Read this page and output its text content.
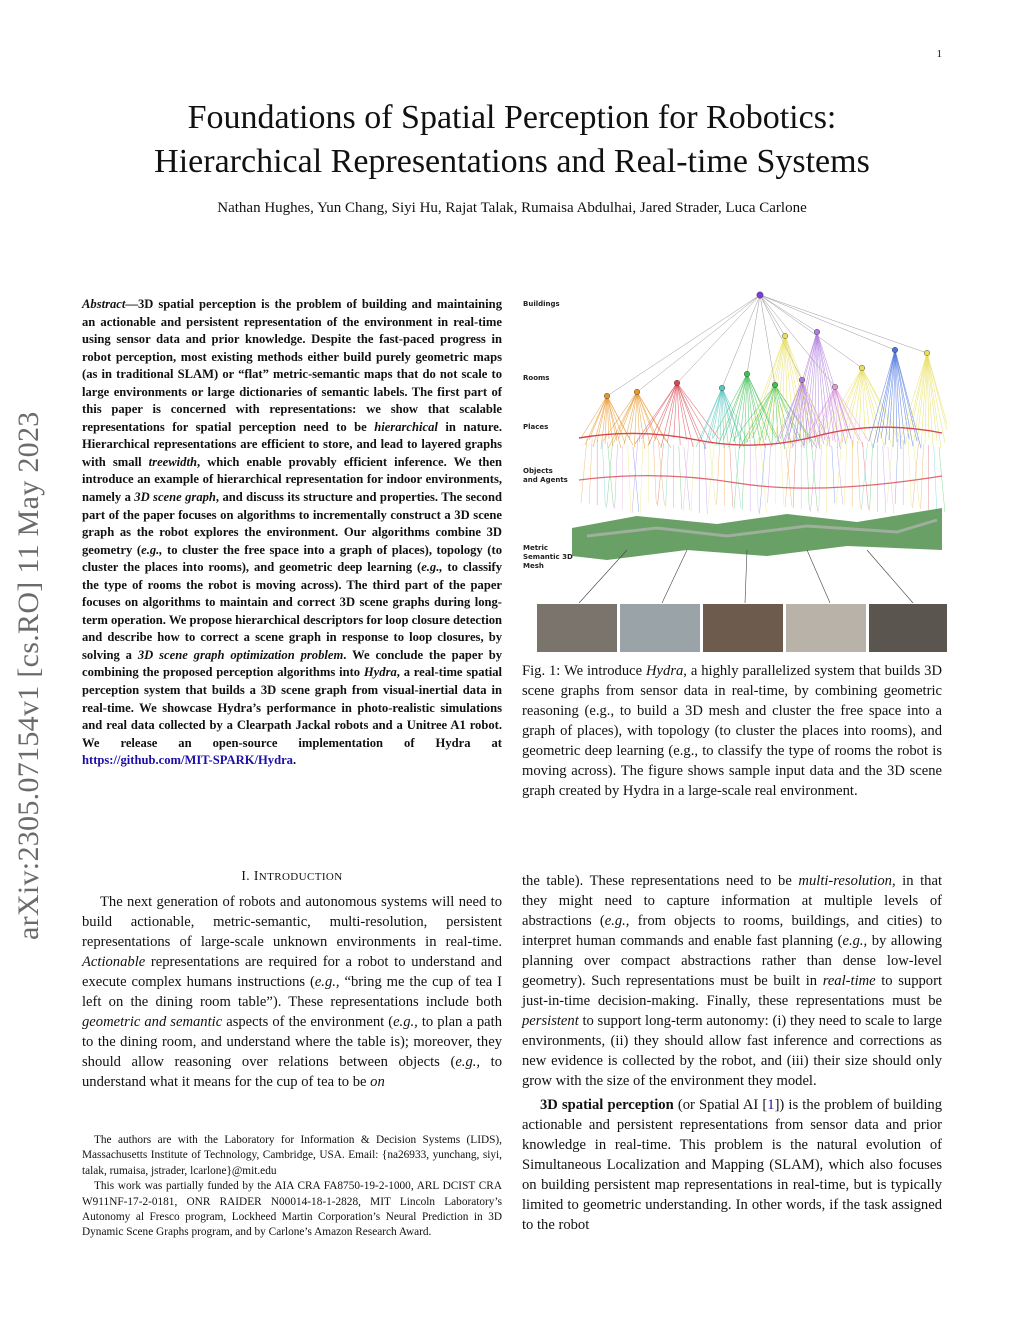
1
arXiv:2305.07154v1 [cs.RO] 11 May 2023
Foundations of Spatial Perception for Robotics:
Hierarchical Representations and Real-time Systems
Nathan Hughes, Yun Chang, Siyi Hu, Rajat Talak, Rumaisa Abdulhai, Jared Strader, Luca Carlone
Abstract—3D spatial perception is the problem of building and maintaining an actionable and persistent representation of the environment in real-time using sensor data and prior knowledge. Despite the fast-paced progress in robot perception, most existing methods either build purely geometric maps (as in traditional SLAM) or “flat” metric-semantic maps that do not scale to large environments or large dictionaries of semantic labels. The first part of this paper is concerned with representations: we show that scalable representations for spatial perception need to be hierarchical in nature. Hierarchical representations are efficient to store, and lead to layered graphs with small treewidth, which enable provably efficient inference. We then introduce an example of hierarchical representation for indoor environments, namely a 3D scene graph, and discuss its structure and properties. The second part of the paper focuses on algorithms to incrementally construct a 3D scene graph as the robot explores the environment. Our algorithms combine 3D geometry (e.g., to cluster the free space into a graph of places), topology (to cluster the places into rooms), and geometric deep learning (e.g., to classify the type of rooms the robot is moving across). The third part of the paper focuses on algorithms to maintain and correct 3D scene graphs during long-term operation. We propose hierarchical descriptors for loop closure detection and describe how to correct a scene graph in response to loop closures, by solving a 3D scene graph optimization problem. We conclude the paper by combining the proposed perception algorithms into Hydra, a real-time spatial perception system that builds a 3D scene graph from visual-inertial data in real-time. We showcase Hydra’s performance in photo-realistic simulations and real data collected by a Clearpath Jackal robots and a Unitree A1 robot. We release an open-source implementation of Hydra at https://github.com/MIT-SPARK/Hydra.
Buildings
Rooms
Places
Objects and Agents
Metric Semantic 3D Mesh
Fig. 1: We introduce Hydra, a highly parallelized system that builds 3D scene graphs from sensor data in real-time, by combining geometric reasoning (e.g., to build a 3D mesh and cluster the free space into a graph of places), with topology (to cluster the places into rooms), and geometric deep learning (e.g., to classify the type of rooms the robot is moving across). The figure shows sample input data and the 3D scene graph created by Hydra in a large-scale real environment.
I. INTRODUCTION
The next generation of robots and autonomous systems will need to build actionable, metric-semantic, multi-resolution, persistent representations of large-scale unknown environments in real-time. Actionable representations are required for a robot to understand and execute complex humans instructions (e.g., “bring me the cup of tea I left on the dining room table”). These representations include both geometric and semantic aspects of the environment (e.g., to plan a path to the dining room, and understand where the table is); moreover, they should allow reasoning over relations between objects (e.g., to understand what it means for the cup of tea to be on

the table). These representations need to be multi-resolution, in that they might need to capture information at multiple levels of abstractions (e.g., from objects to rooms, buildings, and cities) to interpret human commands and enable fast planning (e.g., by allowing planning over compact abstractions rather than dense low-level geometry). Such representations must be built in real-time to support just-in-time decision-making. Finally, these representations must be persistent to support long-term autonomy: (i) they need to scale to large environments, (ii) they should allow fast inference and corrections as new evidence is collected by the robot, and (iii) their size should only grow with the size of the environment they model.

3D spatial perception (or Spatial AI [1]) is the problem of building actionable and persistent representations from sensor data and prior knowledge in real-time. This problem is the natural evolution of Simultaneous Localization and Mapping (SLAM), which also focuses on building persistent map representations in real-time, but is typically limited to geometric understanding. In other words, if the task assigned to the robot

The authors are with the Laboratory for Information & Decision Systems (LIDS), Massachusetts Institute of Technology, Cambridge, USA. Email: {na26933, yunchang, siyi, talak, rumaisa, jstrader, lcarlone}@mit.edu

This work was partially funded by the AIA CRA FA8750-19-2-1000, ARL DCIST CRA W911NF-17-2-0181, ONR RAIDER N00014-18-1-2828, MIT Lincoln Laboratory’s Autonomy al Fresco program, Lockheed Martin Corporation’s Neural Prediction in 3D Dynamic Scene Graphs program, and by Carlone’s Amazon Research Award.
